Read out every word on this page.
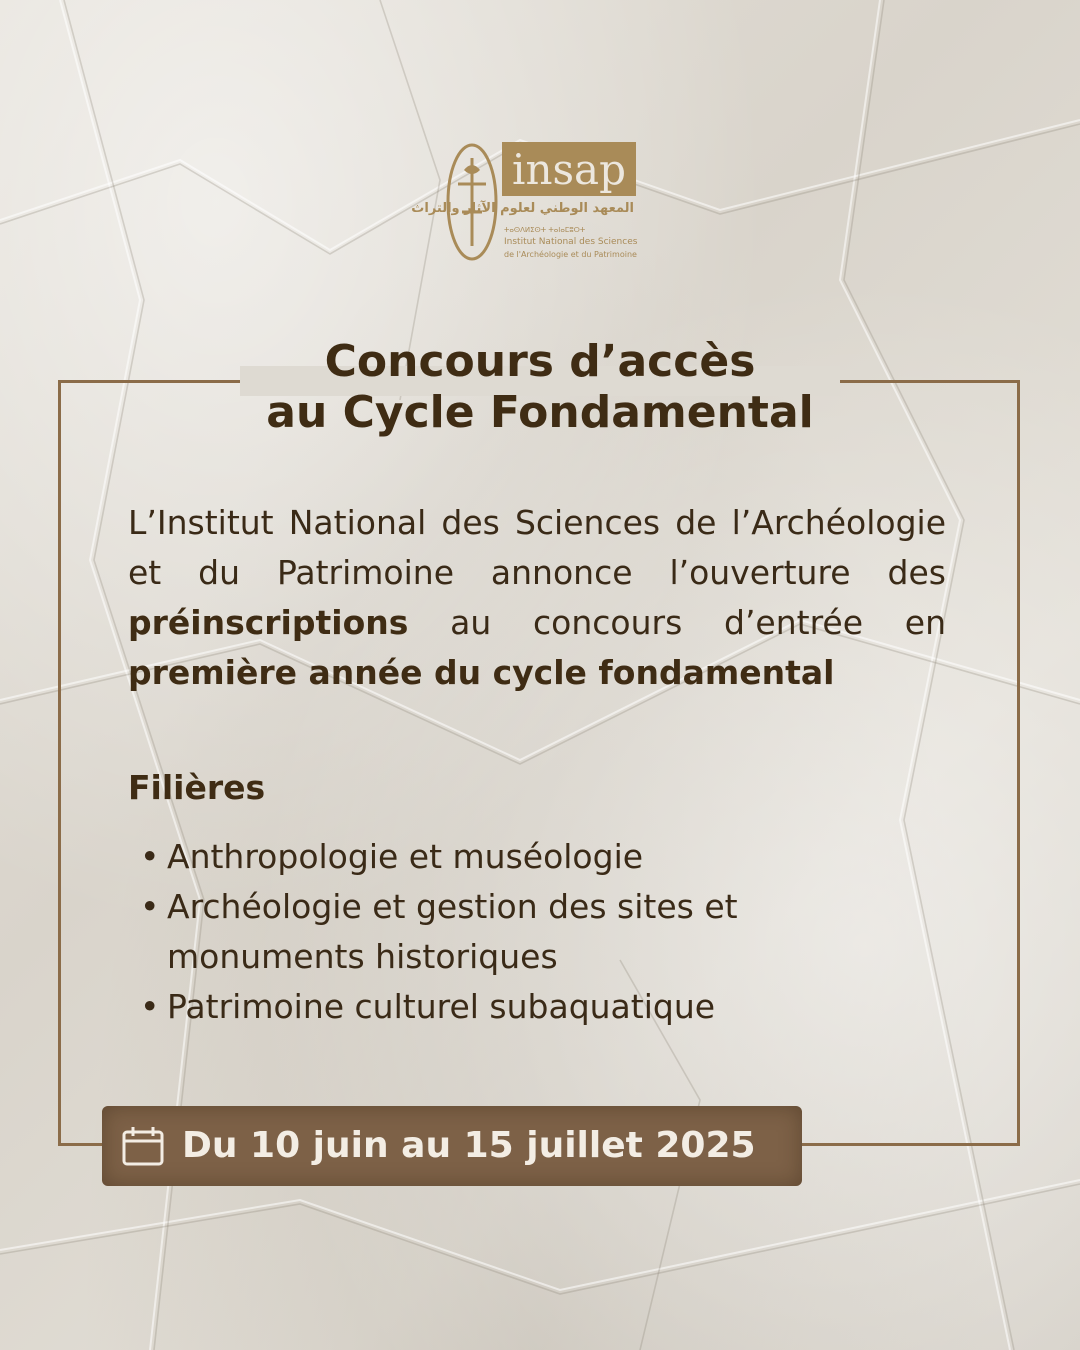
insap
المعهد الوطني لعلوم الآثار والتراث
ⵜⴰⵙⴷⵍⵉⵙⵜ ⵜⴰⵏⴰⵎⵓⵔⵜ
Institut National des Sciences
de l'Archéologie et du Patrimoine
Concours d’accès
au Cycle Fondamental
L’Institut National des Sciences de l’Archéologie et du Patrimoine annonce l’ouverture des préinscriptions au concours d’entrée en première année du cycle fondamental
Filières
• Anthropologie et muséologie
• Archéologie et gestion des sites et monuments historiques
• Patrimoine culturel subaquatique
Du 10 juin au 15 juillet 2025
